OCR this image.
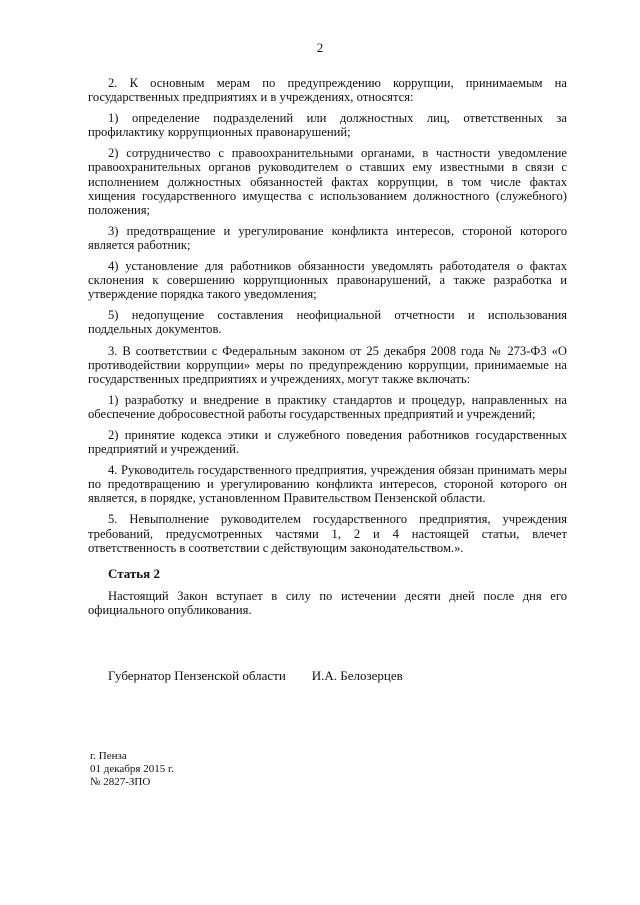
2

2. К основным мерам по предупреждению коррупции, принимаемым на государственных предприятиях и в учреждениях, относятся:

1) определение подразделений или должностных лиц, ответственных за профилактику коррупционных правонарушений;

2) сотрудничество с правоохранительными органами, в частности уведомление правоохранительных органов руководителем о ставших ему известными в связи с исполнением должностных обязанностей фактах коррупции, в том числе фактах хищения государственного имущества с использованием должностного (служебного) положения;

3) предотвращение и урегулирование конфликта интересов, стороной которого является работник;

4) установление для работников обязанности уведомлять работодателя о фактах склонения к совершению коррупционных правонарушений, а также разработка и утверждение порядка такого уведомления;

5) недопущение составления неофициальной отчетности и использования поддельных документов.

3. В соответствии с Федеральным законом от 25 декабря 2008 года № 273-ФЗ «О противодействии коррупции» меры по предупреждению коррупции, принимаемые на государственных предприятиях и учреждениях, могут также включать:

1) разработку и внедрение в практику стандартов и процедур, направленных на обеспечение добросовестной работы государственных предприятий и учреждений;

2) принятие кодекса этики и служебного поведения работников государственных предприятий и учреждений.

4. Руководитель государственного предприятия, учреждения обязан принимать меры по предотвращению и урегулированию конфликта интересов, стороной которого он является, в порядке, установленном Правительством Пензенской области.

5. Невыполнение руководителем государственного предприятия, учреждения требований, предусмотренных частями 1, 2 и 4 настоящей статьи, влечет ответственность в соответствии с действующим законодательством.».

Статья 2

Настоящий Закон вступает в силу по истечении десяти дней после дня его официального опубликования.

Губернатор Пензенской области И.А. Белозерцев
г. Пенза
01 декабря 2015 г.
№ 2827-ЗПО
